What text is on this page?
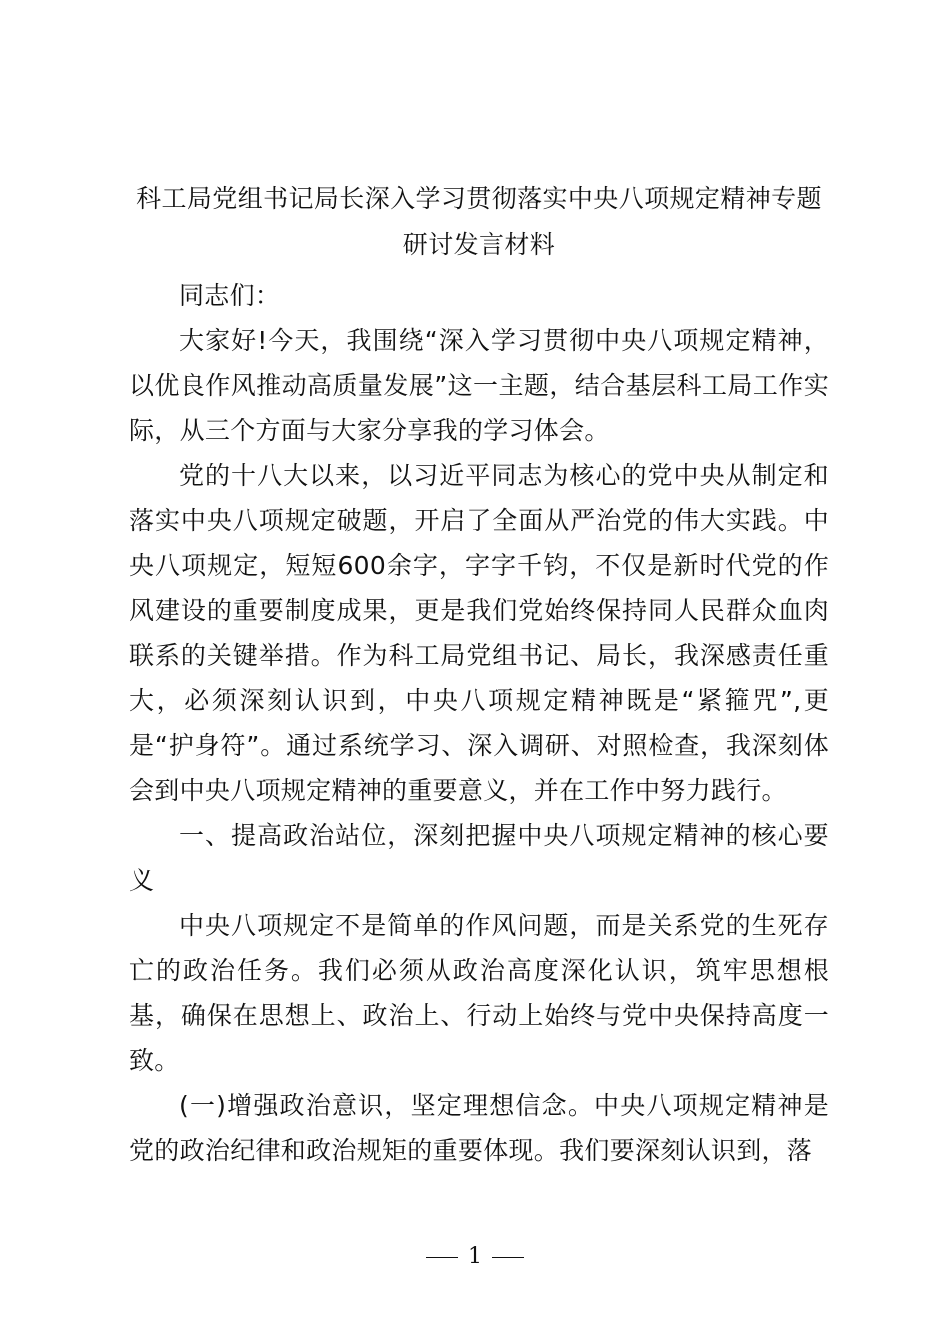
科工局党组书记局长深入学习贯彻落实中央八项规定精神专题
研讨发言材料

同志们：

大家好!今天，我围绕“深入学习贯彻中央八项规定精神，以优良作风推动高质量发展”这一主题，结合基层科工局工作实际，从三个方面与大家分享我的学习体会。

党的十八大以来，以习近平同志为核心的党中央从制定和落实中央八项规定破题，开启了全面从严治党的伟大实践。中央八项规定，短短600余字，字字千钧，不仅是新时代党的作风建设的重要制度成果，更是我们党始终保持同人民群众血肉联系的关键举措。作为科工局党组书记、局长，我深感责任重大，必须深刻认识到，中央八项规定精神既是“紧箍咒”,更是“护身符”。通过系统学习、深入调研、对照检查，我深刻体会到中央八项规定精神的重要意义，并在工作中努力践行。

一、提高政治站位，深刻把握中央八项规定精神的核心要义

中央八项规定不是简单的作风问题，而是关系党的生死存亡的政治任务。我们必须从政治高度深化认识，筑牢思想根基，确保在思想上、政治上、行动上始终与党中央保持高度一致。

(一)增强政治意识，坚定理想信念。中央八项规定精神是党的政治纪律和政治规矩的重要体现。我们要深刻认识到，落

1
